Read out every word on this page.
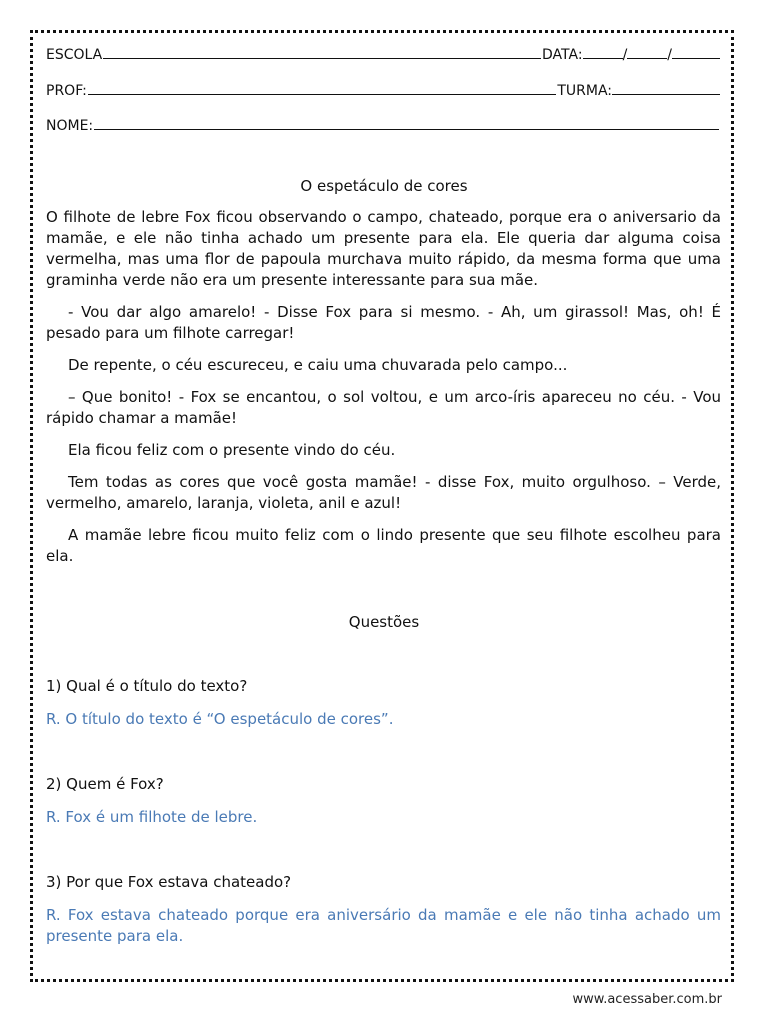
ESCOLA	DATA:	/	/
PROF:	TURMA:
NOME:
O espetáculo de cores

O filhote de lebre Fox ficou observando o campo, chateado, porque era o aniversario da mamãe, e ele não tinha achado um presente para ela. Ele queria dar alguma coisa vermelha, mas uma flor de papoula murchava muito rápido, da mesma forma que uma graminha verde não era um presente interessante para sua mãe.

- Vou dar algo amarelo! - Disse Fox para si mesmo. - Ah, um girassol! Mas, oh! É pesado para um filhote carregar!

De repente, o céu escureceu, e caiu uma chuvarada pelo campo...

– Que bonito! - Fox se encantou, o sol voltou, e um arco-íris apareceu no céu. - Vou rápido chamar a mamãe!

Ela ficou feliz com o presente vindo do céu.

Tem todas as cores que você gosta mamãe! - disse Fox, muito orgulhoso. – Verde, vermelho, amarelo, laranja, violeta, anil e azul!

A mamãe lebre ficou muito feliz com o lindo presente que seu filhote escolheu para ela.

Questões
1) Qual é o título do texto?

R. O título do texto é “O espetáculo de cores”.

2) Quem é Fox?

R. Fox é um filhote de lebre.

3) Por que Fox estava chateado?

R. Fox estava chateado porque era aniversário da mamãe e ele não tinha achado um presente para ela.

www.acessaber.com.br
